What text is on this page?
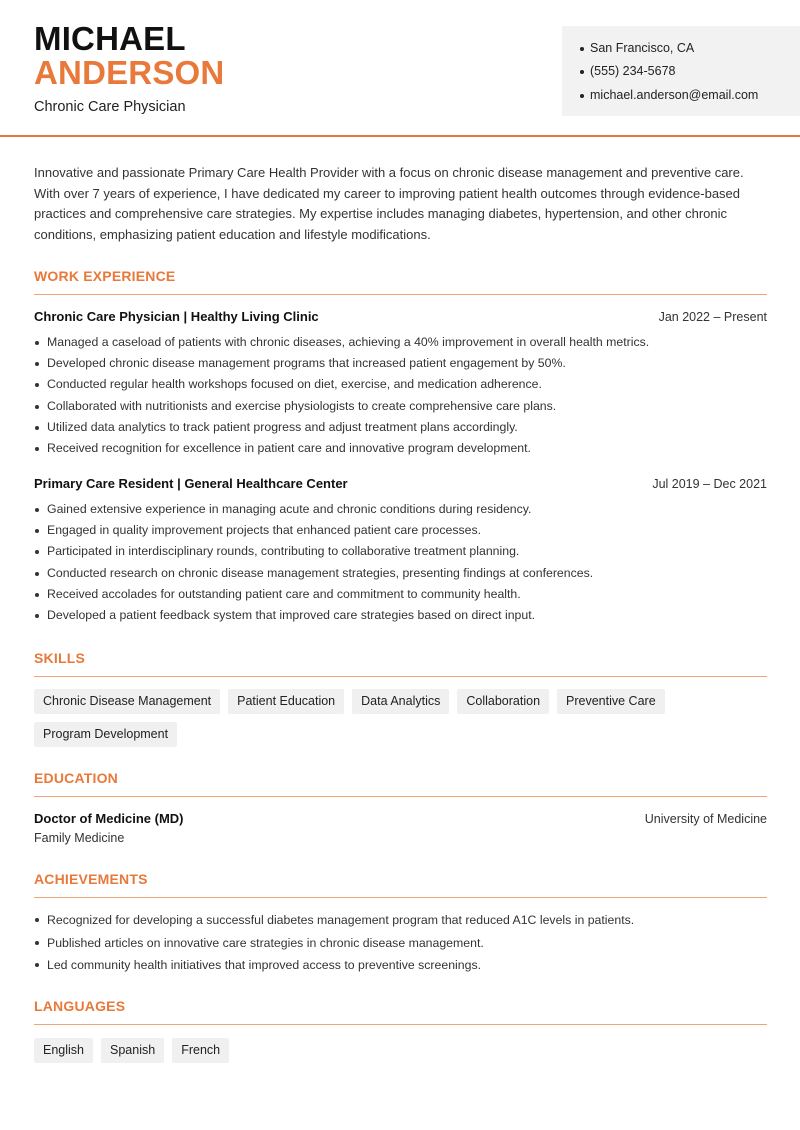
MICHAEL
ANDERSON
Chronic Care Physician
San Francisco, CA
(555) 234-5678
michael.anderson@email.com

Innovative and passionate Primary Care Health Provider with a focus on chronic disease management and preventive care. With over 7 years of experience, I have dedicated my career to improving patient health outcomes through evidence-based practices and comprehensive care strategies. My expertise includes managing diabetes, hypertension, and other chronic conditions, emphasizing patient education and lifestyle modifications.

WORK EXPERIENCE
Chronic Care Physician | Healthy Living Clinic	Jan 2022 – Present
Managed a caseload of patients with chronic diseases, achieving a 40% improvement in overall health metrics.
Developed chronic disease management programs that increased patient engagement by 50%.
Conducted regular health workshops focused on diet, exercise, and medication adherence.
Collaborated with nutritionists and exercise physiologists to create comprehensive care plans.
Utilized data analytics to track patient progress and adjust treatment plans accordingly.
Received recognition for excellence in patient care and innovative program development.
Primary Care Resident | General Healthcare Center	Jul 2019 – Dec 2021
Gained extensive experience in managing acute and chronic conditions during residency.
Engaged in quality improvement projects that enhanced patient care processes.
Participated in interdisciplinary rounds, contributing to collaborative treatment planning.
Conducted research on chronic disease management strategies, presenting findings at conferences.
Received accolades for outstanding patient care and commitment to community health.
Developed a patient feedback system that improved care strategies based on direct input.
SKILLS
Chronic Disease Management	Patient Education	Data Analytics	Collaboration	Preventive Care
Program Development
EDUCATION
Doctor of Medicine (MD)	University of Medicine
Family Medicine
ACHIEVEMENTS
Recognized for developing a successful diabetes management program that reduced A1C levels in patients.
Published articles on innovative care strategies in chronic disease management.
Led community health initiatives that improved access to preventive screenings.
LANGUAGES
English	Spanish	French
